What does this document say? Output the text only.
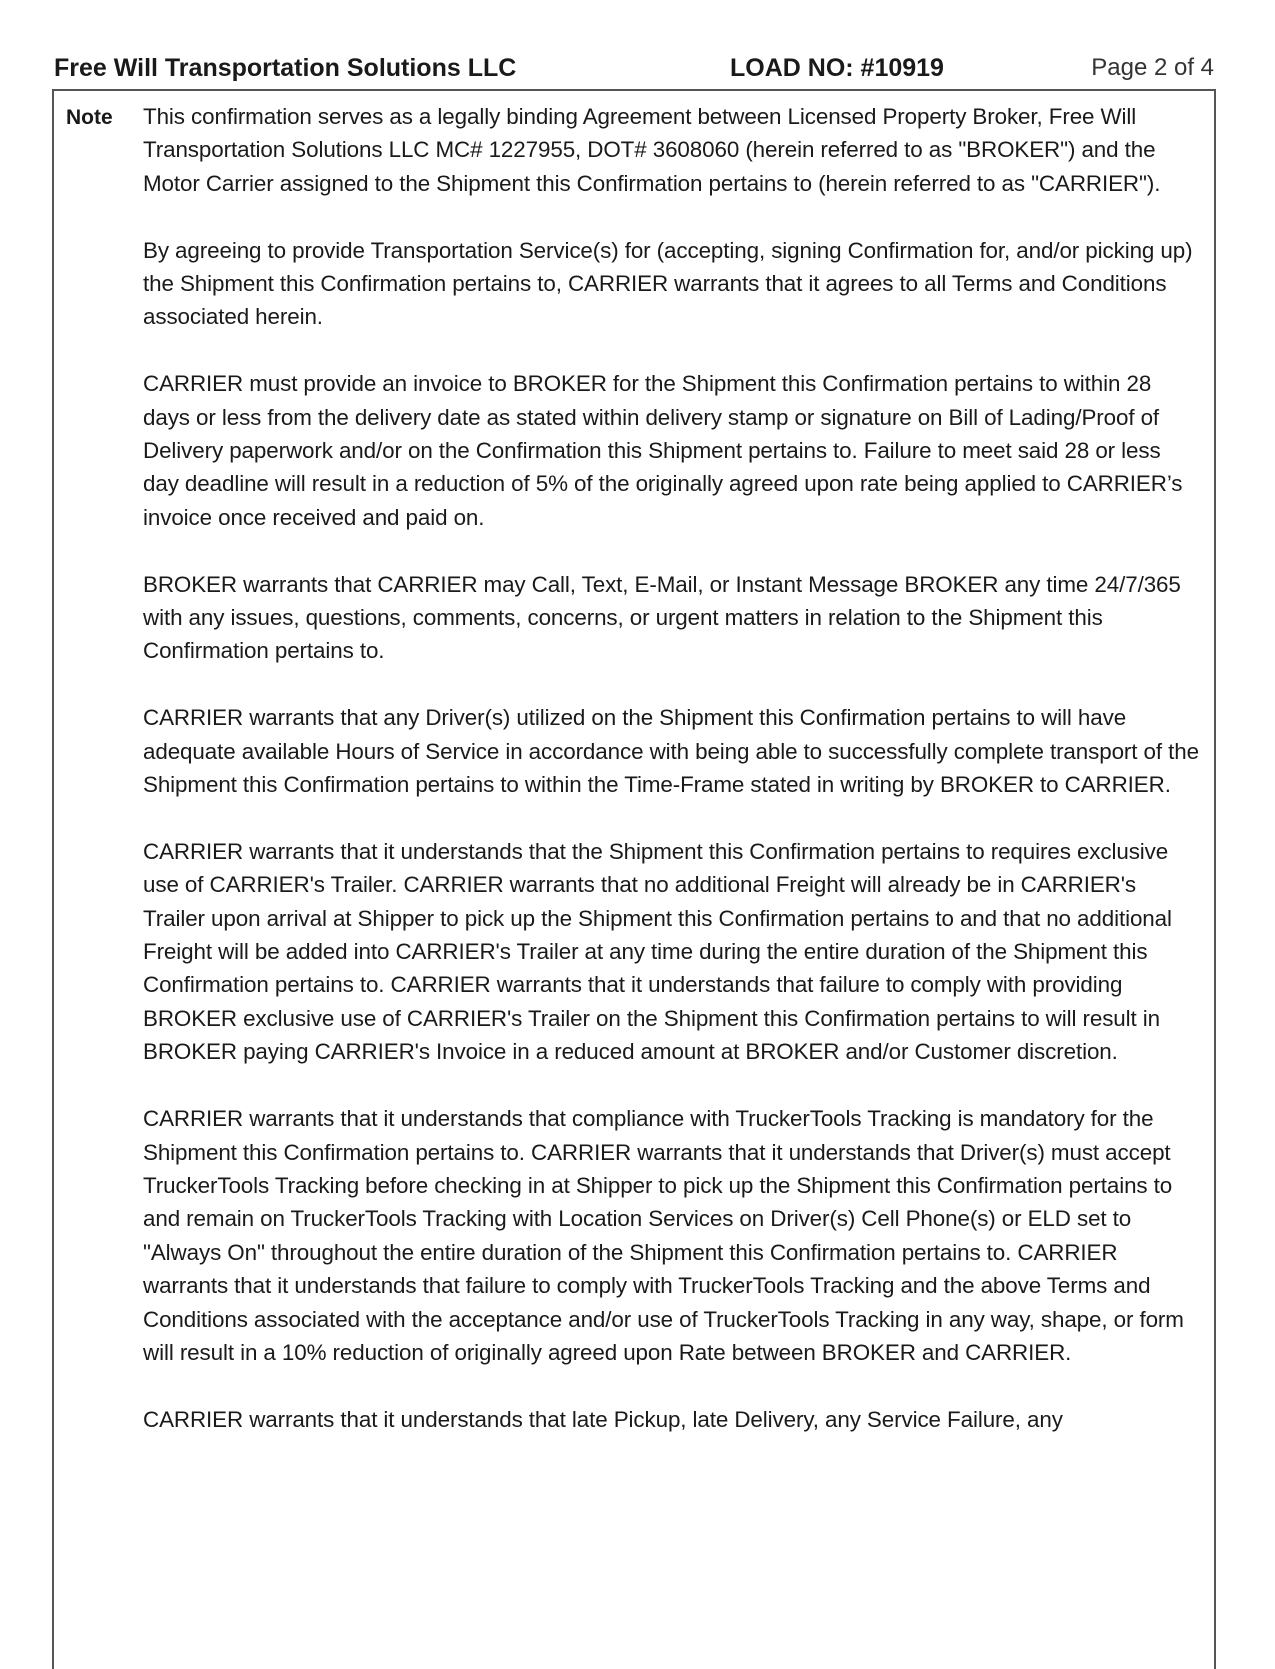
Free Will Transportation Solutions LLC	LOAD NO: #10919	Page 2 of 4
Note This confirmation serves as a legally binding Agreement between Licensed Property Broker, Free Will Transportation Solutions LLC MC# 1227955, DOT# 3608060 (herein referred to as "BROKER") and the Motor Carrier assigned to the Shipment this Confirmation pertains to (herein referred to as "CARRIER").

By agreeing to provide Transportation Service(s) for (accepting, signing Confirmation for, and/or picking up) the Shipment this Confirmation pertains to, CARRIER warrants that it agrees to all Terms and Conditions associated herein.

CARRIER must provide an invoice to BROKER for the Shipment this Confirmation pertains to within 28 days or less from the delivery date as stated within delivery stamp or signature on Bill of Lading/Proof of Delivery paperwork and/or on the Confirmation this Shipment pertains to. Failure to meet said 28 or less day deadline will result in a reduction of 5% of the originally agreed upon rate being applied to CARRIER’s invoice once received and paid on.

BROKER warrants that CARRIER may Call, Text, E-Mail, or Instant Message BROKER any time 24/7/365 with any issues, questions, comments, concerns, or urgent matters in relation to the Shipment this Confirmation pertains to.

CARRIER warrants that any Driver(s) utilized on the Shipment this Confirmation pertains to will have adequate available Hours of Service in accordance with being able to successfully complete transport of the Shipment this Confirmation pertains to within the Time-Frame stated in writing by BROKER to CARRIER.

CARRIER warrants that it understands that the Shipment this Confirmation pertains to requires exclusive use of CARRIER's Trailer. CARRIER warrants that no additional Freight will already be in CARRIER's Trailer upon arrival at Shipper to pick up the Shipment this Confirmation pertains to and that no additional Freight will be added into CARRIER's Trailer at any time during the entire duration of the Shipment this Confirmation pertains to. CARRIER warrants that it understands that failure to comply with providing BROKER exclusive use of CARRIER's Trailer on the Shipment this Confirmation pertains to will result in BROKER paying CARRIER's Invoice in a reduced amount at BROKER and/or Customer discretion.

CARRIER warrants that it understands that compliance with TruckerTools Tracking is mandatory for the Shipment this Confirmation pertains to. CARRIER warrants that it understands that Driver(s) must accept TruckerTools Tracking before checking in at Shipper to pick up the Shipment this Confirmation pertains to and remain on TruckerTools Tracking with Location Services on Driver(s) Cell Phone(s) or ELD set to "Always On" throughout the entire duration of the Shipment this Confirmation pertains to. CARRIER warrants that it understands that failure to comply with TruckerTools Tracking and the above Terms and Conditions associated with the acceptance and/or use of TruckerTools Tracking in any way, shape, or form will result in a 10% reduction of originally agreed upon Rate between BROKER and CARRIER.

CARRIER warrants that it understands that late Pickup, late Delivery, any Service Failure, any
